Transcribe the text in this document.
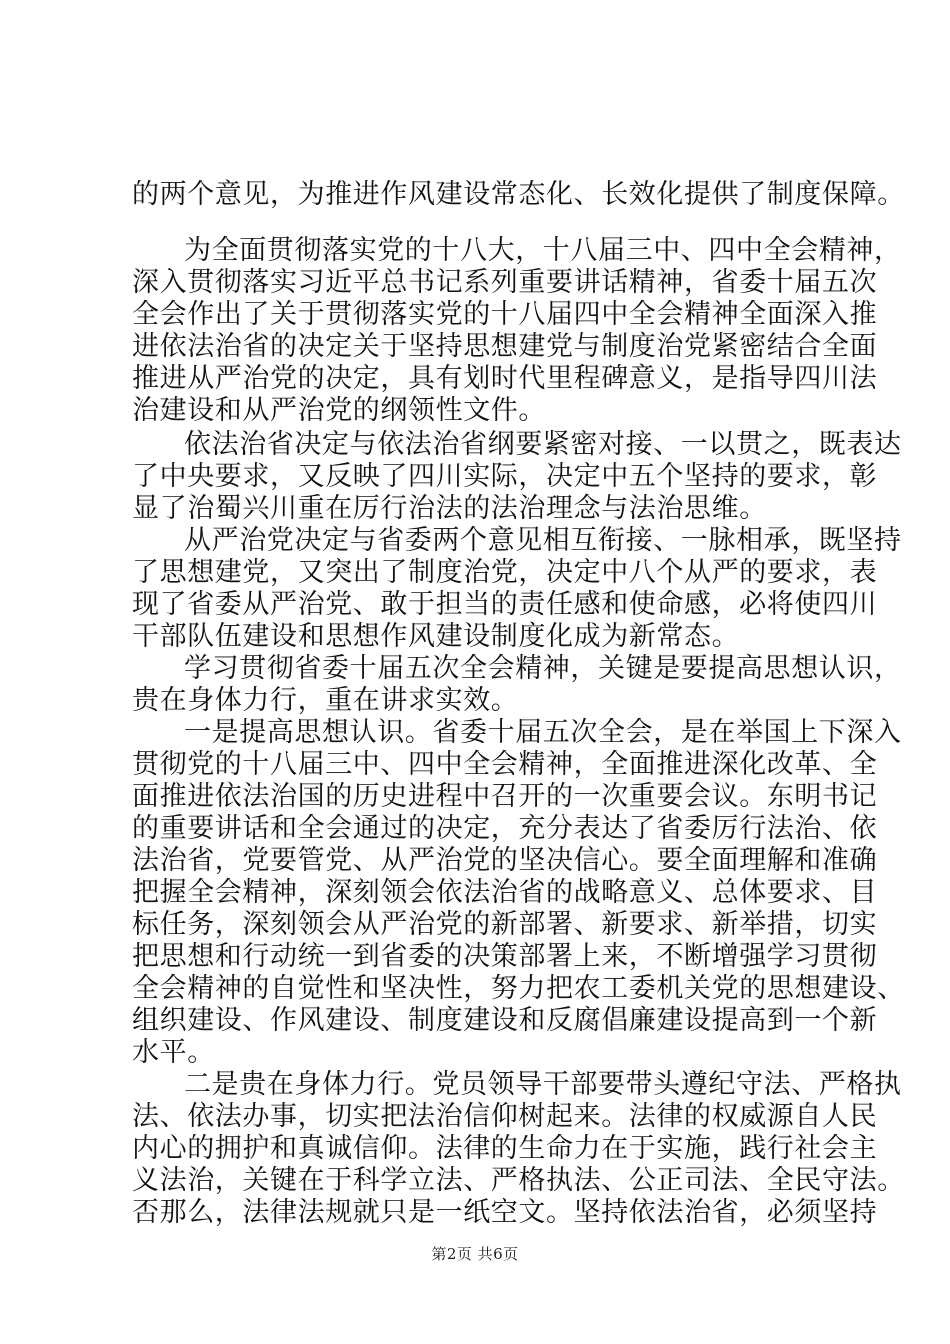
的两个意见，为推进作风建设常态化、长效化提供了制度保障。
为全面贯彻落实党的十八大，十八届三中、四中全会精神，
深入贯彻落实习近平总书记系列重要讲话精神，省委十届五次
全会作出了关于贯彻落实党的十八届四中全会精神全面深入推
进依法治省的决定关于坚持思想建党与制度治党紧密结合全面
推进从严治党的决定，具有划时代里程碑意义，是指导四川法
治建设和从严治党的纲领性文件。
依法治省决定与依法治省纲要紧密对接、一以贯之，既表达
了中央要求，又反映了四川实际，决定中五个坚持的要求，彰
显了治蜀兴川重在厉行治法的法治理念与法治思维。
从严治党决定与省委两个意见相互衔接、一脉相承，既坚持
了思想建党，又突出了制度治党，决定中八个从严的要求，表
现了省委从严治党、敢于担当的责任感和使命感，必将使四川
干部队伍建设和思想作风建设制度化成为新常态。
学习贯彻省委十届五次全会精神，关键是要提高思想认识，
贵在身体力行，重在讲求实效。
一是提高思想认识。省委十届五次全会，是在举国上下深入
贯彻党的十八届三中、四中全会精神，全面推进深化改革、全
面推进依法治国的历史进程中召开的一次重要会议。东明书记
的重要讲话和全会通过的决定，充分表达了省委厉行法治、依
法治省，党要管党、从严治党的坚决信心。要全面理解和准确
把握全会精神，深刻领会依法治省的战略意义、总体要求、目
标任务，深刻领会从严治党的新部署、新要求、新举措，切实
把思想和行动统一到省委的决策部署上来，不断增强学习贯彻
全会精神的自觉性和坚决性，努力把农工委机关党的思想建设、
组织建设、作风建设、制度建设和反腐倡廉建设提高到一个新
水平。
二是贵在身体力行。党员领导干部要带头遵纪守法、严格执
法、依法办事，切实把法治信仰树起来。法律的权威源自人民
内心的拥护和真诚信仰。法律的生命力在于实施，践行社会主
义法治，关键在于科学立法、严格执法、公正司法、全民守法。
否那么，法律法规就只是一纸空文。坚持依法治省，必须坚持
第2页 共6页
